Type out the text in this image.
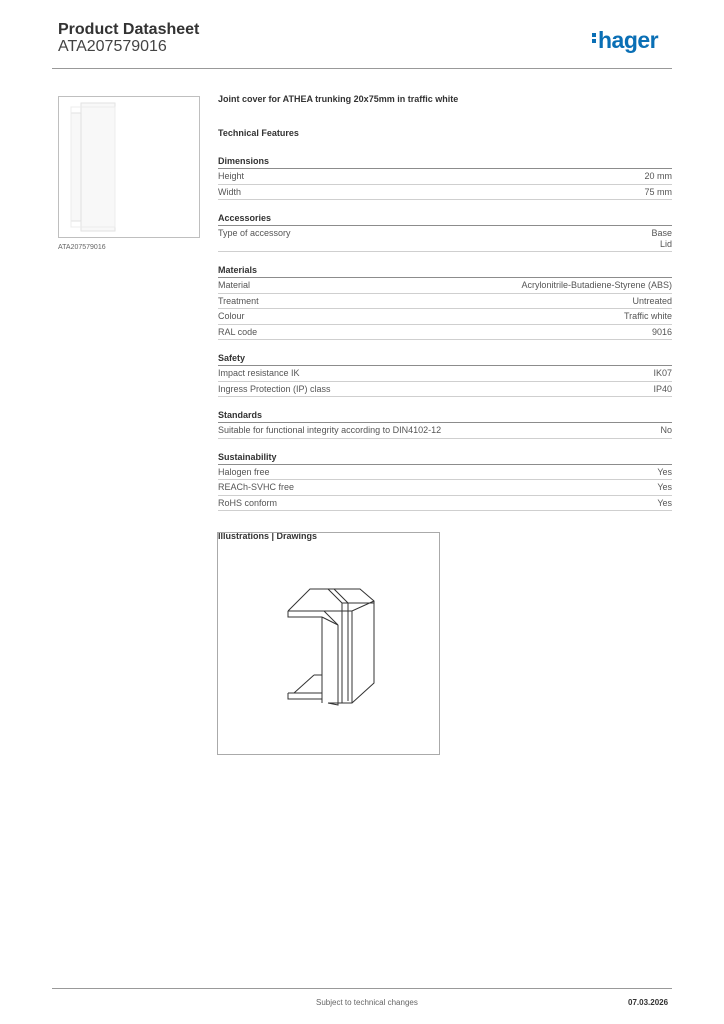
Product Datasheet
ATA207579016	hager
ATA207579016
Joint cover for ATHEA trunking 20x75mm in traffic white
Technical Features
Dimensions
Height	20 mm
Width	75 mm
Accessories
Type of accessory	Base
Lid
Materials
Material	Acrylonitrile-Butadiene-Styrene (ABS)
Treatment	Untreated
Colour	Traffic white
RAL code	9016
Safety
Impact resistance IK	IK07
Ingress Protection (IP) class	IP40
Standards
Suitable for functional integrity according to DIN4102-12	No
Sustainability
Halogen free	Yes
REACh-SVHC free	Yes
RoHS conform	Yes
Illustrations | Drawings
Subject to technical changes	07.03.2026
